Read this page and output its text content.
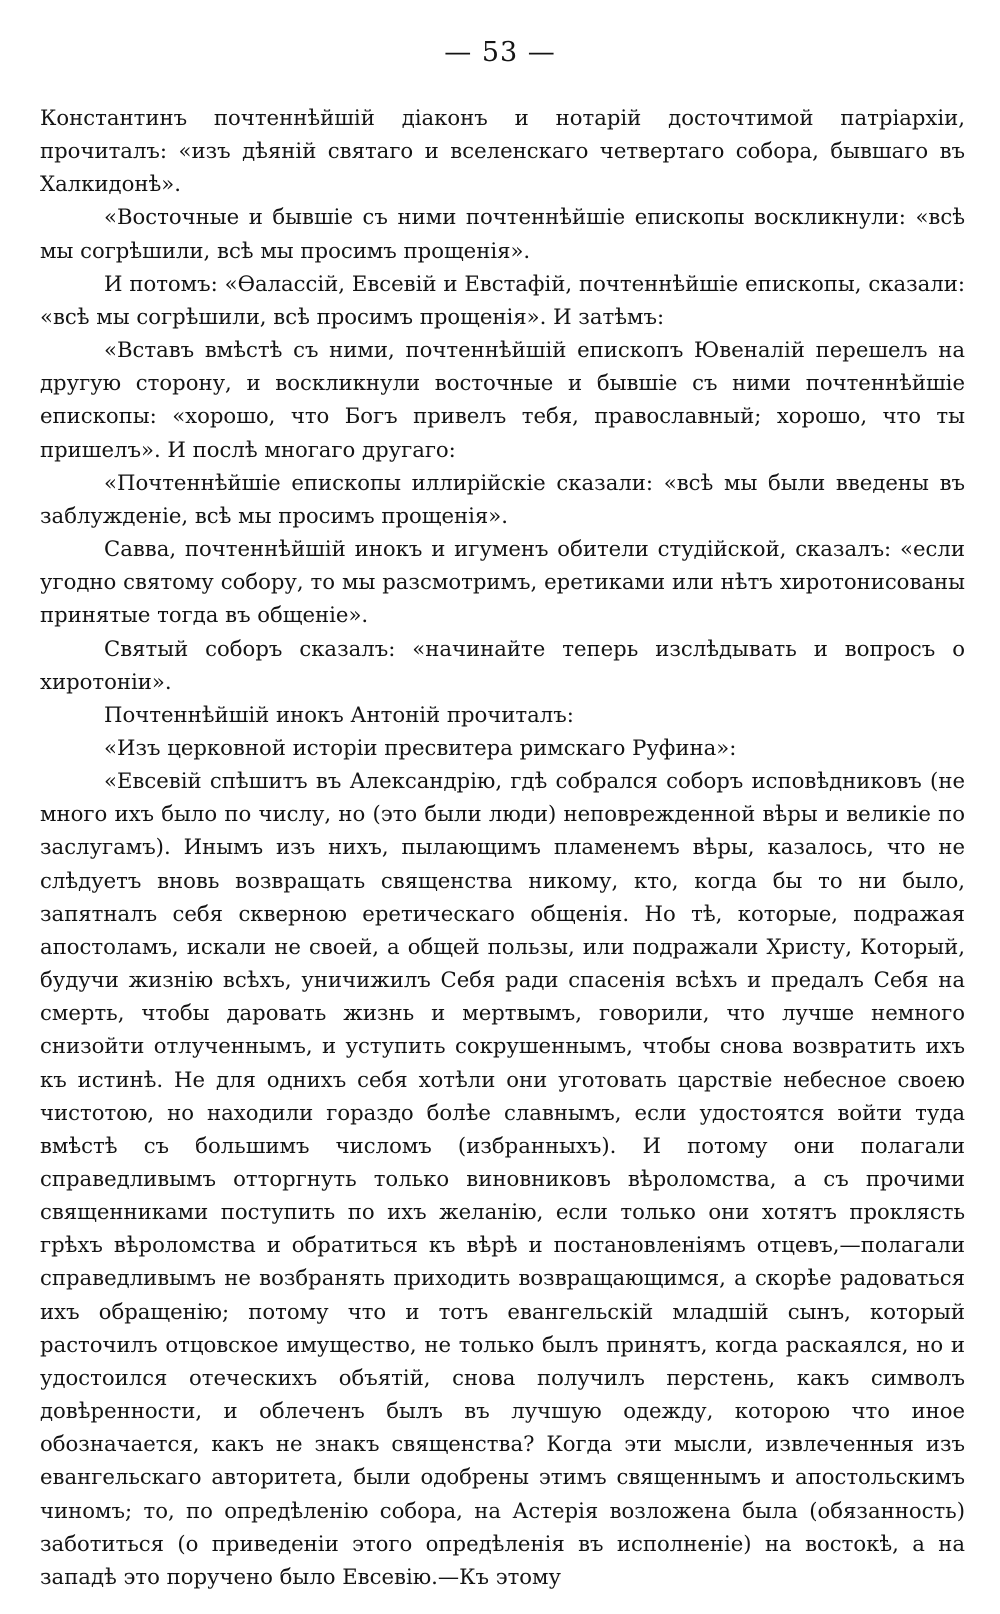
— 53 —

Константинъ почтеннѣйшій діаконъ и нотарій досточтимой патріархіи, прочиталъ: «изъ дѣяній святаго и вселенскаго четвертаго собора, бывшаго въ Халкидонѣ».

«Восточные и бывшіе съ ними почтеннѣйшіе епископы воскликнули: «всѣ мы согрѣшили, всѣ мы просимъ прощенія».

И потомъ: «Өалассій, Евсевій и Евстафій, почтеннѣйшіе епископы, сказали: «всѣ мы согрѣшили, всѣ просимъ прощенія». И затѣмъ:

«Вставъ вмѣстѣ съ ними, почтеннѣйшій епископъ Ювеналій перешелъ на другую сторону, и воскликнули восточные и бывшіе съ ними почтеннѣйшіе епископы: «хорошо, что Богъ привелъ тебя, православный; хорошо, что ты пришелъ». И послѣ многаго другаго:

«Почтеннѣйшіе епископы иллирійскіе сказали: «всѣ мы были введены въ заблужденіе, всѣ мы просимъ прощенія».

Савва, почтеннѣйшій инокъ и игуменъ обители студійской, сказалъ: «если угодно святому собору, то мы разсмотримъ, еретиками или нѣтъ хиротонисованы принятые тогда въ общеніе».

Святый соборъ сказалъ: «начинайте теперь изслѣдывать и вопросъ о хиротоніи».

Почтеннѣйшій инокъ Антоній прочиталъ:

«Изъ церковной исторіи пресвитера римскаго Руфина»:

«Евсевій спѣшитъ въ Александрію, гдѣ собрался соборъ исповѣдниковъ (не много ихъ было по числу, но (это были люди) неповрежденной вѣры и великіе по заслугамъ). Инымъ изъ нихъ, пылающимъ пламенемъ вѣры, казалось, что не слѣдуетъ вновь возвращать священства никому, кто, когда бы то ни было, запятналъ себя скверною еретическаго общенія. Но тѣ, которые, подражая апостоламъ, искали не своей, а общей пользы, или подражали Христу, Который, будучи жизнію всѣхъ, уничижилъ Себя ради спасенія всѣхъ и предалъ Себя на смерть, чтобы даровать жизнь и мертвымъ, говорили, что лучше немного снизойти отлученнымъ, и уступить сокрушеннымъ, чтобы снова возвратить ихъ къ истинѣ. Не для однихъ себя хотѣли они уготовать царствіе небесное своею чистотою, но находили гораздо болѣе славнымъ, если удостоятся войти туда вмѣстѣ съ большимъ числомъ (избранныхъ). И потому они полагали справедливымъ отторгнуть только виновниковъ вѣроломства, а съ прочими священниками поступить по ихъ желанію, если только они хотятъ проклясть грѣхъ вѣроломства и обратиться къ вѣрѣ и постановленіямъ отцевъ,—полагали справедливымъ не возбранять приходить возвращающимся, а скорѣе радоваться ихъ обращенію; потому что и тотъ евангельскій младшій сынъ, который расточилъ отцовское имущество, не только былъ принятъ, когда раскаялся, но и удостоился отеческихъ объятій, снова получилъ перстень, какъ символъ довѣренности, и облеченъ былъ въ лучшую одежду, которою что иное обозначается, какъ не знакъ священства? Когда эти мысли, извлеченныя изъ евангельскаго авторитета, были одобрены этимъ священнымъ и апостольскимъ чиномъ; то, по опредѣленію собора, на Астерія возложена была (обязанность) заботиться (о приведеніи этого опредѣленія въ исполненіе) на востокѣ, а на западѣ это поручено было Евсевію.—Къ этому
